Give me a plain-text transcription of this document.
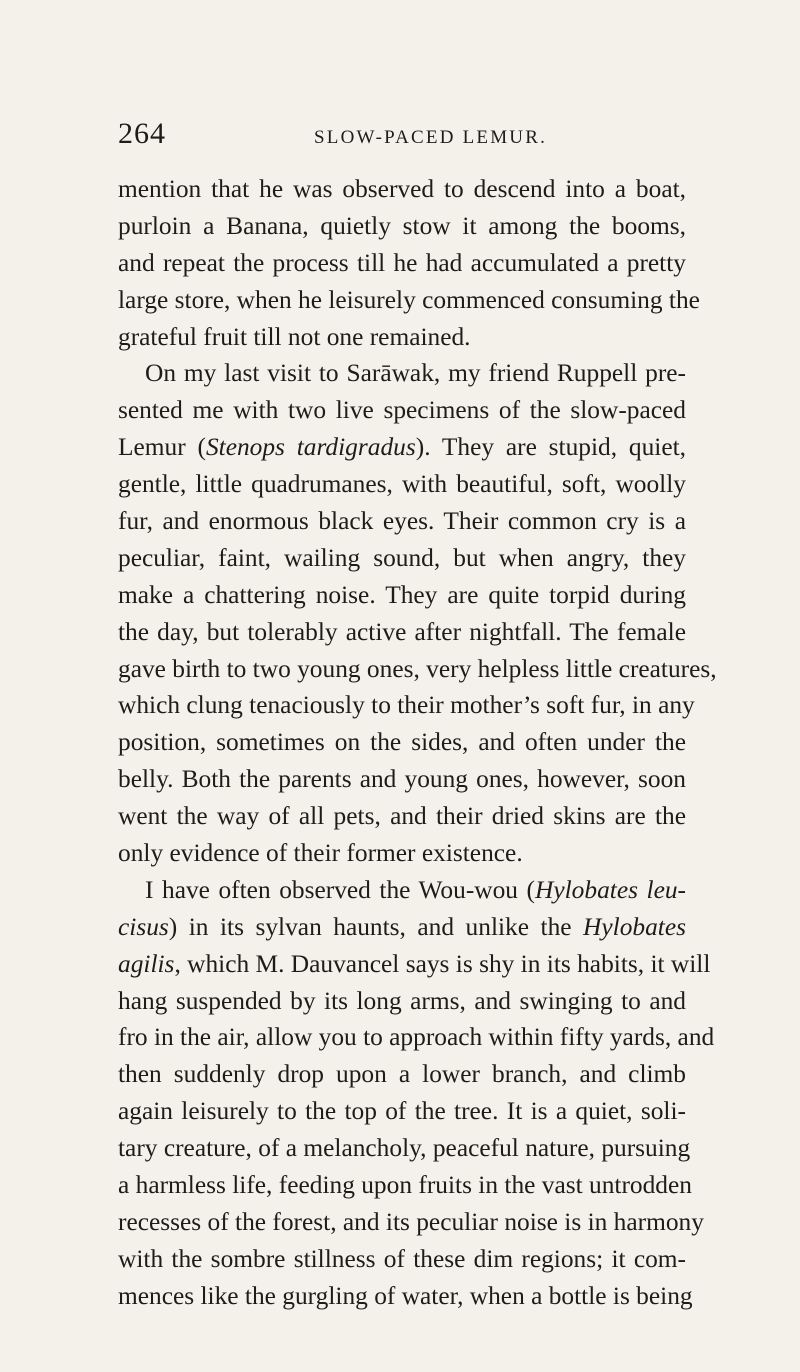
264	SLOW-PACED LEMUR.
mention that he was observed to descend into a boat,
purloin a Banana, quietly stow it among the booms,
and repeat the process till he had accumulated a pretty
large store, when he leisurely commenced consuming the
grateful fruit till not one remained.
On my last visit to Sarāwak, my friend Ruppell pre-
sented me with two live specimens of the slow-paced
Lemur (Stenops tardigradus). They are stupid, quiet,
gentle, little quadrumanes, with beautiful, soft, woolly
fur, and enormous black eyes. Their common cry is a
peculiar, faint, wailing sound, but when angry, they
make a chattering noise. They are quite torpid during
the day, but tolerably active after nightfall. The female
gave birth to two young ones, very helpless little creatures,
which clung tenaciously to their mother’s soft fur, in any
position, sometimes on the sides, and often under the
belly. Both the parents and young ones, however, soon
went the way of all pets, and their dried skins are the
only evidence of their former existence.
I have often observed the Wou-wou (Hylobates leu-
cisus) in its sylvan haunts, and unlike the Hylobates
agilis, which M. Dauvancel says is shy in its habits, it will
hang suspended by its long arms, and swinging to and
fro in the air, allow you to approach within fifty yards, and
then suddenly drop upon a lower branch, and climb
again leisurely to the top of the tree. It is a quiet, soli-
tary creature, of a melancholy, peaceful nature, pursuing
a harmless life, feeding upon fruits in the vast untrodden
recesses of the forest, and its peculiar noise is in harmony
with the sombre stillness of these dim regions; it com-
mences like the gurgling of water, when a bottle is being
